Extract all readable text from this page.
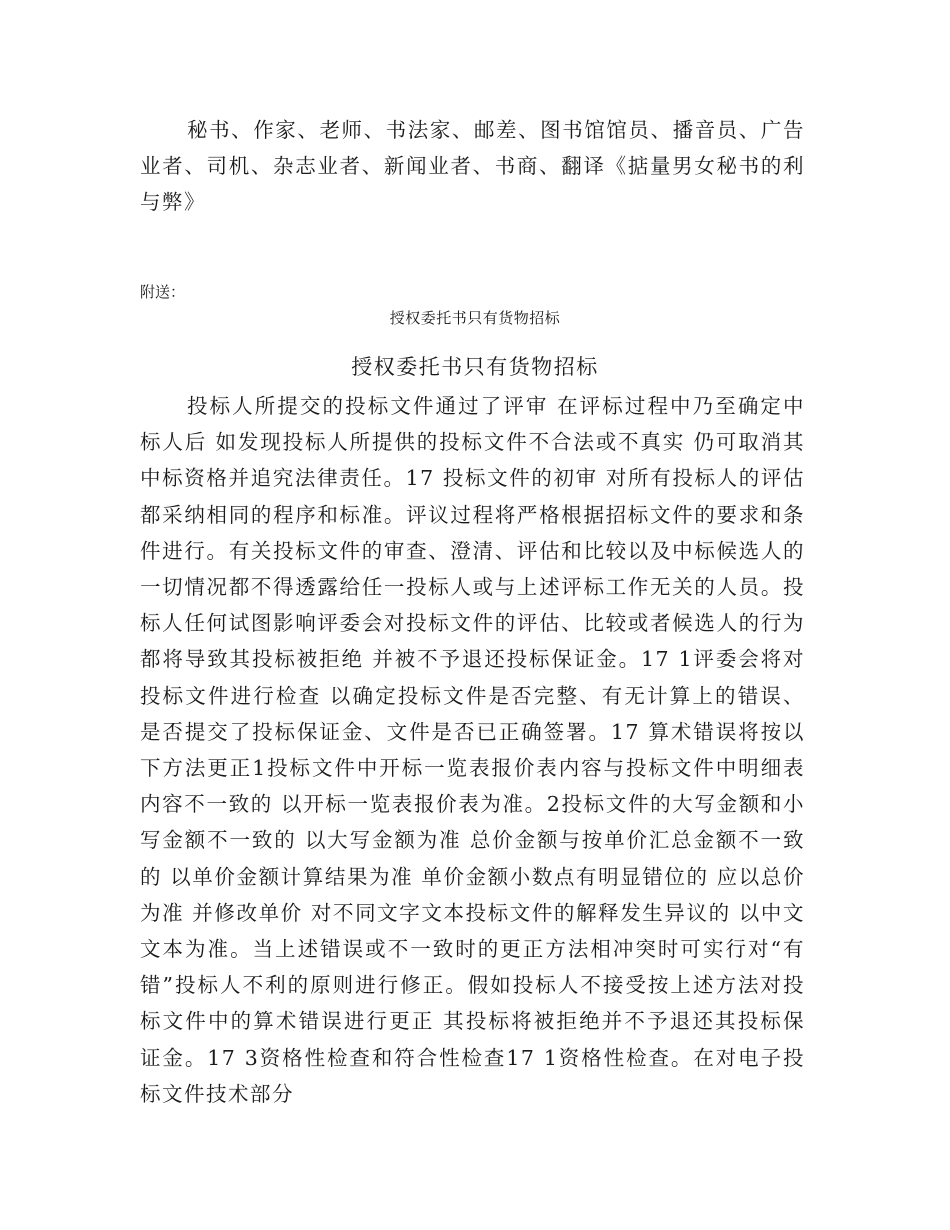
秘书、作家、老师、书法家、邮差、图书馆馆员、播音员、广告业者、司机、杂志业者、新闻业者、书商、翻译《掂量男女秘书的利与弊》

附送：

授权委托书只有货物招标

授权委托书只有货物招标

投标人所提交的投标文件通过了评审 在评标过程中乃至确定中标人后 如发现投标人所提供的投标文件不合法或不真实 仍可取消其中标资格并追究法律责任。17 投标文件的初审 对所有投标人的评估 都采纳相同的程序和标准。评议过程将严格根据招标文件的要求和条件进行。有关投标文件的审查、澄清、评估和比较以及中标候选人的一切情况都不得透露给任一投标人或与上述评标工作无关的人员。投标人任何试图影响评委会对投标文件的评估、比较或者候选人的行为 都将导致其投标被拒绝 并被不予退还投标保证金。17 1评委会将对投标文件进行检查 以确定投标文件是否完整、有无计算上的错误、是否提交了投标保证金、文件是否已正确签署。17 算术错误将按以下方法更正1投标文件中开标一览表报价表内容与投标文件中明细表内容不一致的 以开标一览表报价表为准。2投标文件的大写金额和小写金额不一致的 以大写金额为准 总价金额与按单价汇总金额不一致的 以单价金额计算结果为准 单价金额小数点有明显错位的 应以总价为准 并修改单价 对不同文字文本投标文件的解释发生异议的 以中文文本为准。当上述错误或不一致时的更正方法相冲突时可实行对“有错”投标人不利的原则进行修正。假如投标人不接受按上述方法对投标文件中的算术错误进行更正 其投标将被拒绝并不予退还其投标保证金。17 3资格性检查和符合性检查17 1资格性检查。在对电子投标文件技术部分
